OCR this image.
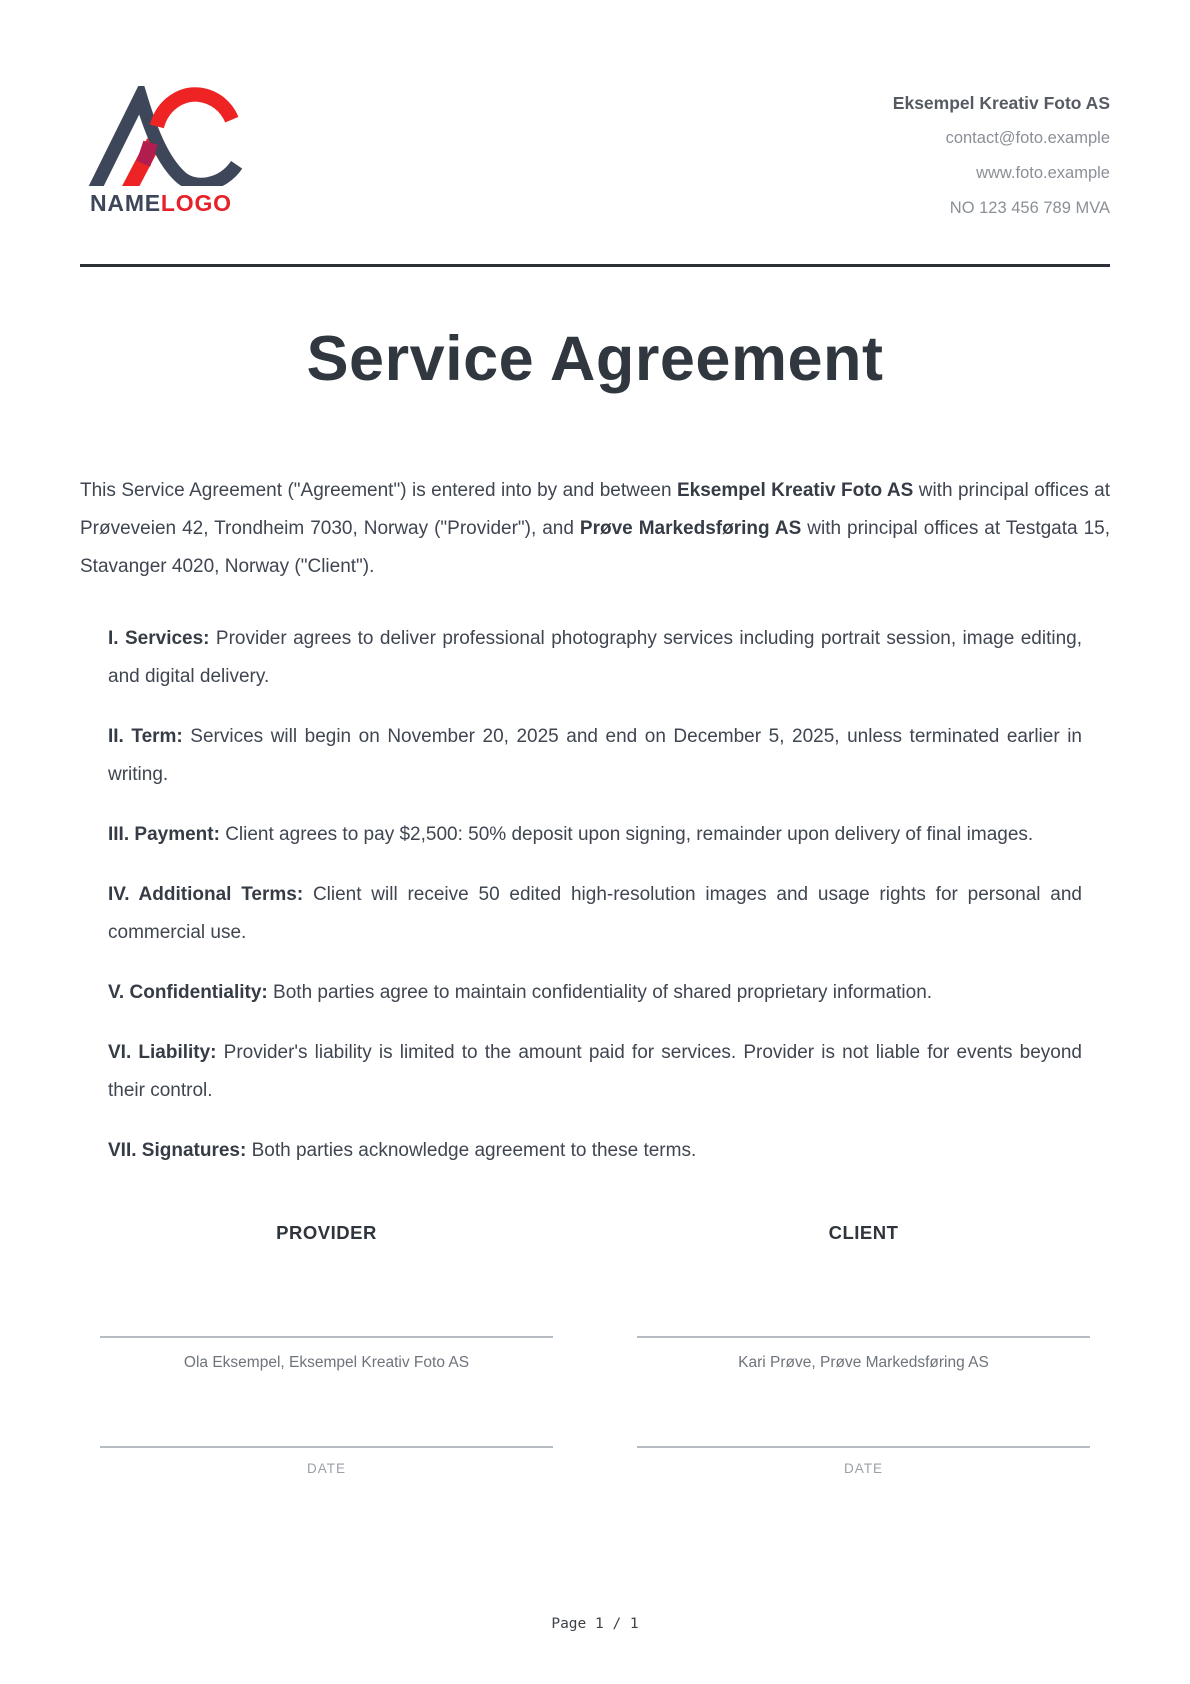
NAMELOGO
Eksempel Kreativ Foto AS
contact@foto.example
www.foto.example
NO 123 456 789 MVA
Service Agreement

This Service Agreement ("Agreement") is entered into by and between Eksempel Kreativ Foto AS with principal offices at Prøveveien 42, Trondheim 7030, Norway ("Provider"), and Prøve Markedsføring AS with principal offices at Testgata 15, Stavanger 4020, Norway ("Client").

I. Services: Provider agrees to deliver professional photography services including portrait session, image editing, and digital delivery.

II. Term: Services will begin on November 20, 2025 and end on December 5, 2025, unless terminated earlier in writing.

III. Payment: Client agrees to pay $2,500: 50% deposit upon signing, remainder upon delivery of final images.

IV. Additional Terms: Client will receive 50 edited high-resolution images and usage rights for personal and commercial use.

V. Confidentiality: Both parties agree to maintain confidentiality of shared proprietary information.

VI. Liability: Provider's liability is limited to the amount paid for services. Provider is not liable for events beyond their control.

VII. Signatures: Both parties acknowledge agreement to these terms.

PROVIDER
Ola Eksempel, Eksempel Kreativ Foto AS
DATE
CLIENT
Kari Prøve, Prøve Markedsføring AS
DATE
Page 1 / 1
